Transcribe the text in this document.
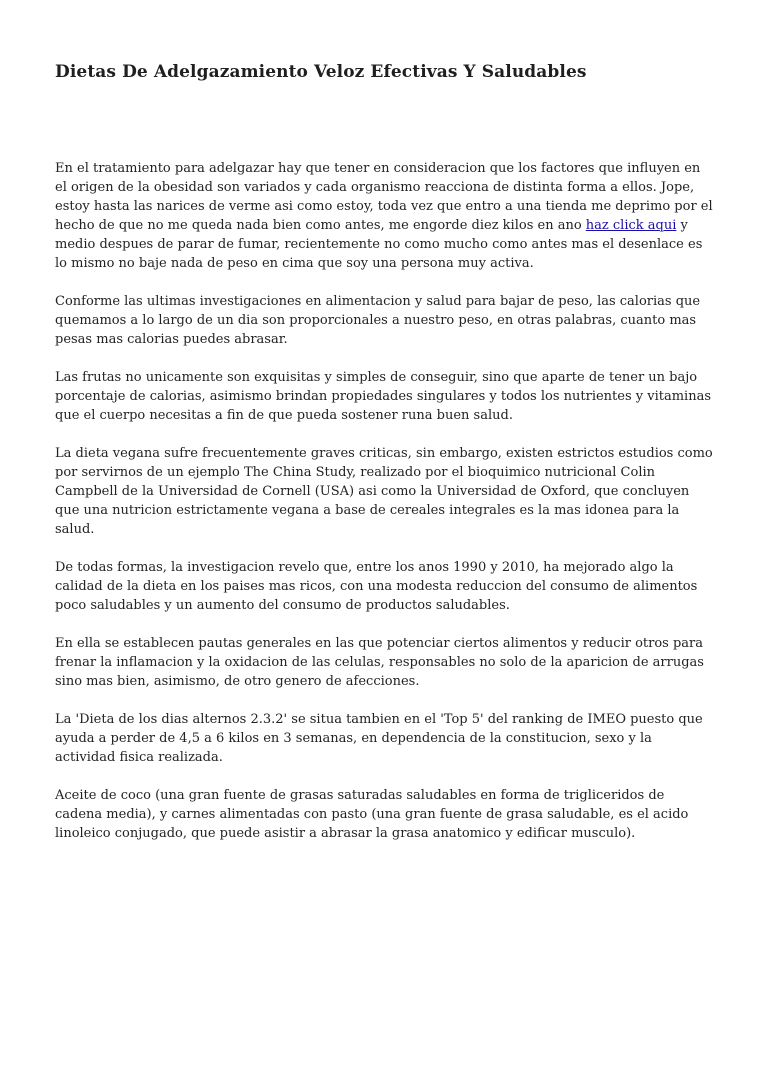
Dietas De Adelgazamiento Veloz Efectivas Y Saludables

En el tratamiento para adelgazar hay que tener en consideracion que los factores que influyen en el origen de la obesidad son variados y cada organismo reacciona de distinta forma a ellos. Jope, estoy hasta las narices de verme asi como estoy, toda vez que entro a una tienda me deprimo por el hecho de que no me queda nada bien como antes, me engorde diez kilos en ano haz click aqui y medio despues de parar de fumar, recientemente no como mucho como antes mas el desenlace es lo mismo no baje nada de peso en cima que soy una persona muy activa.

Conforme las ultimas investigaciones en alimentacion y salud para bajar de peso, las calorias que quemamos a lo largo de un dia son proporcionales a nuestro peso, en otras palabras, cuanto mas pesas mas calorias puedes abrasar.

Las frutas no unicamente son exquisitas y simples de conseguir, sino que aparte de tener un bajo porcentaje de calorias, asimismo brindan propiedades singulares y todos los nutrientes y vitaminas que el cuerpo necesitas a fin de que pueda sostener runa buen salud.

La dieta vegana sufre frecuentemente graves criticas, sin embargo, existen estrictos estudios como por servirnos de un ejemplo The China Study, realizado por el bioquimico nutricional Colin Campbell de la Universidad de Cornell (USA) asi como la Universidad de Oxford, que concluyen que una nutricion estrictamente vegana a base de cereales integrales es la mas idonea para la salud.

De todas formas, la investigacion revelo que, entre los anos 1990 y 2010, ha mejorado algo la calidad de la dieta en los paises mas ricos, con una modesta reduccion del consumo de alimentos poco saludables y un aumento del consumo de productos saludables.

En ella se establecen pautas generales en las que potenciar ciertos alimentos y reducir otros para frenar la inflamacion y la oxidacion de las celulas, responsables no solo de la aparicion de arrugas sino mas bien, asimismo, de otro genero de afecciones.

La 'Dieta de los dias alternos 2.3.2' se situa tambien en el 'Top 5' del ranking de IMEO puesto que ayuda a perder de 4,5 a 6 kilos en 3 semanas, en dependencia de la constitucion, sexo y la actividad fisica realizada.

Aceite de coco (una gran fuente de grasas saturadas saludables en forma de trigliceridos de cadena media), y carnes alimentadas con pasto (una gran fuente de grasa saludable, es el acido linoleico conjugado, que puede asistir a abrasar la grasa anatomico y edificar musculo).
